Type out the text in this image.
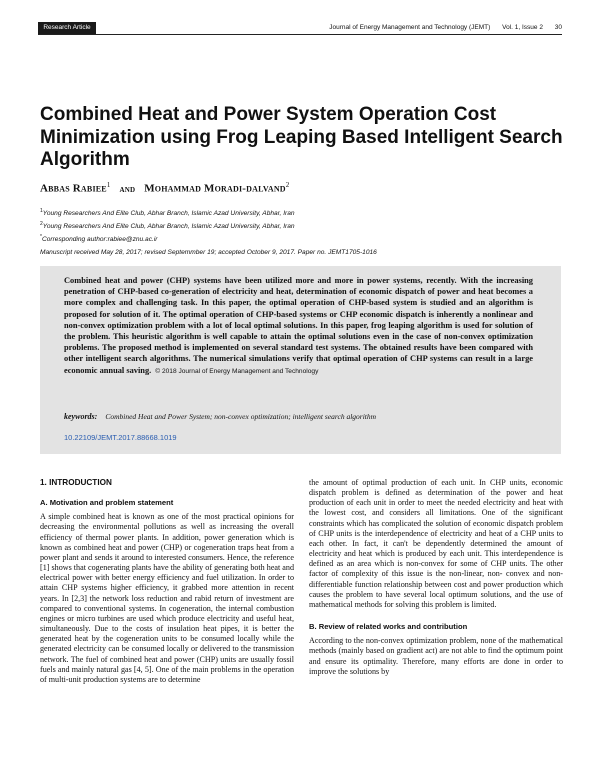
Research Article	Journal of Energy Management and Technology (JEMT) Vol. 1, Issue 2 30
Combined Heat and Power System Operation Cost Minimization using Frog Leaping Based Intelligent Search Algorithm
Abbas Rabiee$^1$ and Mohammad Moradi-dalvand$^2$
$^1$Young Researchers And Elite Club, Abhar Branch, Islamic Azad University, Abhar, Iran
$^2$Young Researchers And Elite Club, Abhar Branch, Islamic Azad University, Abhar, Iran
*Corresponding author:rabiee@znu.ac.ir
Manuscript received May 28, 2017; revised Septemmber 19; accepted October 9, 2017. Paper no. JEMT1705-1016
Combined heat and power (CHP) systems have been utilized more and more in power systems, recently. With the increasing penetration of CHP-based co-generation of electricity and heat, determination of economic dispatch of power and heat becomes a more complex and challenging task. In this paper, the optimal operation of CHP-based system is studied and an algorithm is proposed for solution of it. The optimal operation of CHP-based systems or CHP economic dispatch is inherently a nonlinear and non-convex optimization problem with a lot of local optimal solutions. In this paper, frog leaping algorithm is used for solution of the problem. This heuristic algorithm is well capable to attain the optimal solutions even in the case of non-convex optimization problems. The proposed method is implemented on several standard test systems. The obtained results have been compared with other intelligent search algorithms. The numerical simulations verify that optimal operation of CHP systems can result in a large economic annual saving. © 2018 Journal of Energy Management and Technology
keywords: Combined Heat and Power System; non-convex optimization; intelligent search algorithm
10.22109/JEMT.2017.88668.1019
1. INTRODUCTION
A. Motivation and problem statement

A simple combined heat is known as one of the most practical opinions for decreasing the environmental pollutions as well as increasing the overall efficiency of thermal power plants. In addition, power generation which is known as combined heat and power (CHP) or cogeneration traps heat from a power plant and sends it around to interested consumers. Hence, the reference [1] shows that cogenerating plants have the ability of generating both heat and electrical power with better energy efficiency and fuel utilization. In order to attain CHP systems higher efficiency, it grabbed more attention in recent years. In [2,3] the network loss reduction and rabid return of investment are compared to conventional systems. In cogeneration, the internal combustion engines or micro turbines are used which produce electricity and useful heat, simultaneously. Due to the costs of insulation heat pipes, it is better the generated heat by the cogeneration units to be consumed locally while the generated electricity can be consumed locally or delivered to the transmission network. The fuel of combined heat and power (CHP) units are usually fossil fuels and mainly natural gas [4, 5]. One of the main problems in the operation of multi-unit production systems are to determine

the amount of optimal production of each unit. In CHP units, economic dispatch problem is defined as determination of the power and heat production of each unit in order to meet the needed electricity and heat with the lowest cost, and considers all limitations. One of the significant constraints which has complicated the solution of economic dispatch problem of CHP units is the interdependence of electricity and heat of a CHP units to each other. In fact, it can't be dependently determined the amount of electricity and heat which is produced by each unit. This interdependence is defined as an area which is non-convex for some of CHP units. The other factor of complexity of this issue is the non-linear, non- convex and non-differentiable function relationship between cost and power production which causes the problem to have several local optimum solutions, and the use of mathematical methods for solving this problem is limited.

B. Review of related works and contribution

According to the non-convex optimization problem, none of the mathematical methods (mainly based on gradient act) are not able to find the optimum point and ensure its optimality. Therefore, many efforts are done in order to improve the solutions by
